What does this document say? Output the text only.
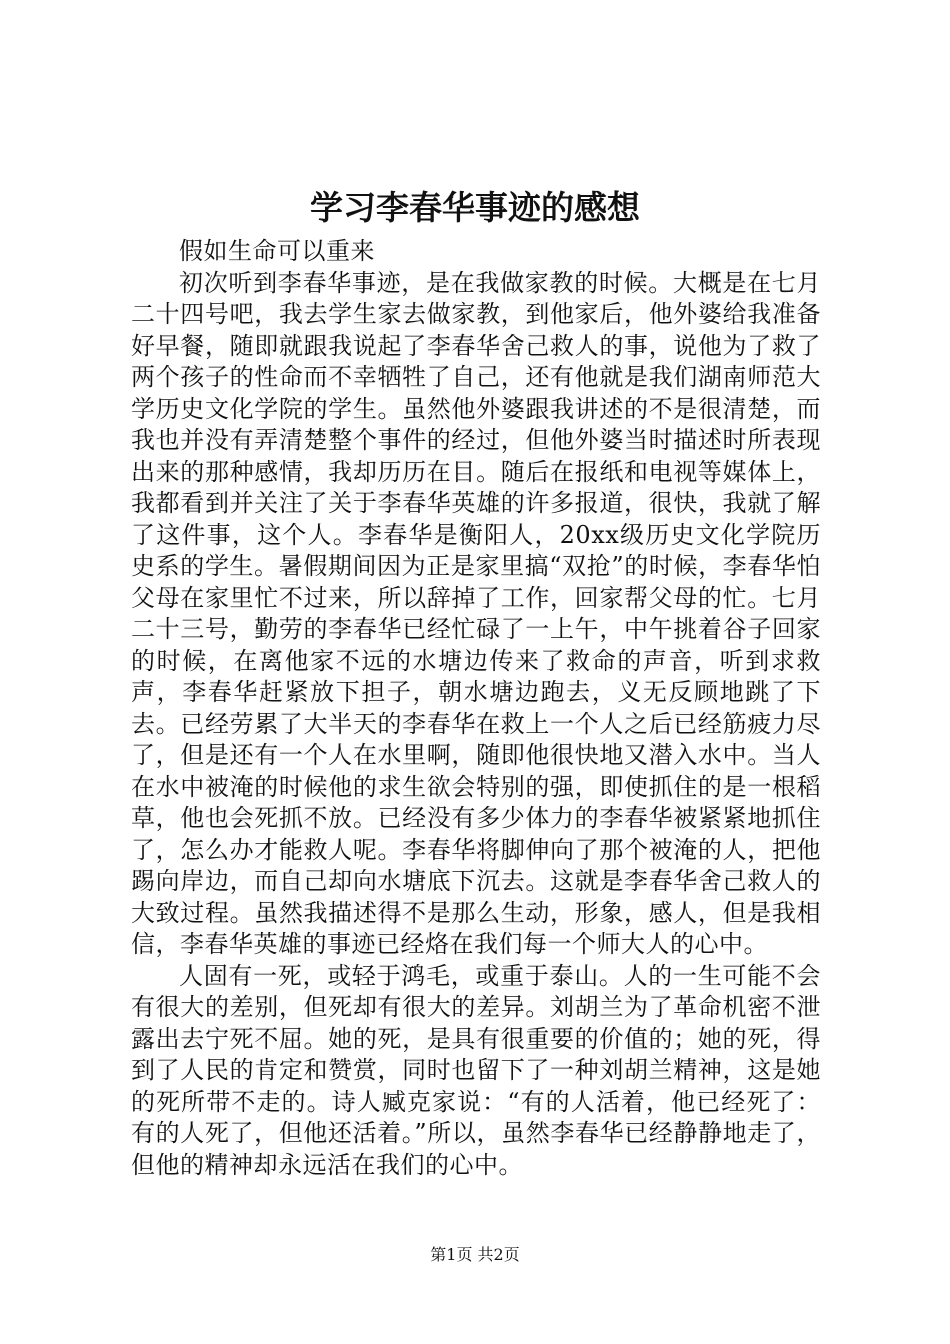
学习李春华事迹的感想

假如生命可以重来

初次听到李春华事迹，是在我做家教的时候。大概是在七月二十四号吧，我去学生家去做家教，到他家后，他外婆给我准备好早餐，随即就跟我说起了李春华舍己救人的事，说他为了救了两个孩子的性命而不幸牺牲了自己，还有他就是我们湖南师范大学历史文化学院的学生。虽然他外婆跟我讲述的不是很清楚，而我也并没有弄清楚整个事件的经过，但他外婆当时描述时所表现出来的那种感情，我却历历在目。随后在报纸和电视等媒体上，我都看到并关注了关于李春华英雄的许多报道，很快，我就了解了这件事，这个人。李春华是衡阳人，20xx级历史文化学院历史系的学生。暑假期间因为正是家里搞“双抢”的时候，李春华怕父母在家里忙不过来，所以辞掉了工作，回家帮父母的忙。七月二十三号，勤劳的李春华已经忙碌了一上午，中午挑着谷子回家的时候，在离他家不远的水塘边传来了救命的声音，听到求救声，李春华赶紧放下担子，朝水塘边跑去，义无反顾地跳了下去。已经劳累了大半天的李春华在救上一个人之后已经筋疲力尽了，但是还有一个人在水里啊，随即他很快地又潜入水中。当人在水中被淹的时候他的求生欲会特别的强，即使抓住的是一根稻草，他也会死抓不放。已经没有多少体力的李春华被紧紧地抓住了，怎么办才能救人呢。李春华将脚伸向了那个被淹的人，把他踢向岸边，而自己却向水塘底下沉去。这就是李春华舍己救人的大致过程。虽然我描述得不是那么生动，形象，感人，但是我相信，李春华英雄的事迹已经烙在我们每一个师大人的心中。

人固有一死，或轻于鸿毛，或重于泰山。人的一生可能不会有很大的差别，但死却有很大的差异。刘胡兰为了革命机密不泄露出去宁死不屈。她的死，是具有很重要的价值的；她的死，得到了人民的肯定和赞赏，同时也留下了一种刘胡兰精神，这是她的死所带不走的。诗人臧克家说：“有的人活着，他已经死了：有的人死了，但他还活着。”所以，虽然李春华已经静静地走了，但他的精神却永远活在我们的心中。

第1页 共2页
